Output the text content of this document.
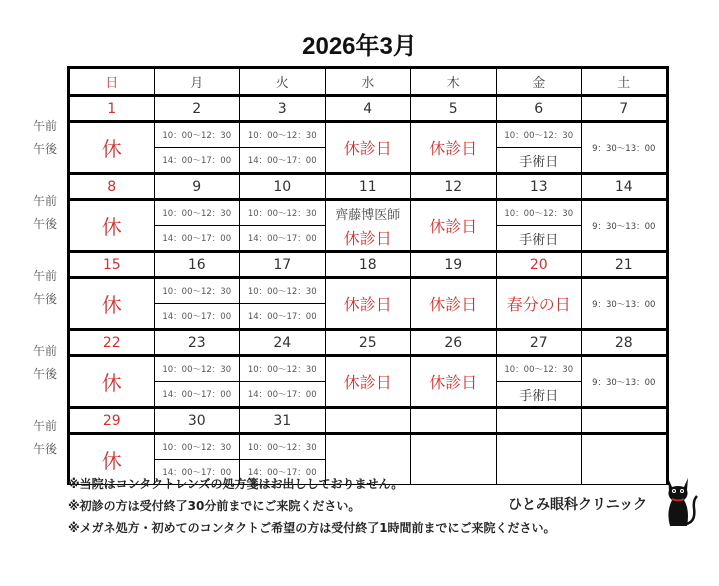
2026年3月
日	月	火	水	木	金	土
1	2	3	4	5	6	7
休	10：00～12：30	10：00～12：30	休診日	休診日	10：00～12：30	9：30～13：00
	14：00～17：00	14：00～17：00			手術日	
8	9	10	11	12	13	14
休	10：00～12：30	10：00～12：30	齊藤博医師	休診日	10：00～12：30	9：30～13：00
	14：00～17：00	14：00～17：00	休診日		手術日	
15	16	17	18	19	20	21
休	10：00～12：30	10：00～12：30	休診日	休診日	春分の日	9：30～13：00
	14：00～17：00	14：00～17：00				
22	23	24	25	26	27	28
休	10：00～12：30	10：00～12：30	休診日	休診日	10：00～12：30	9：30～13：00
	14：00～17：00	14：00～17：00			手術日	
29	30	31				
休	10：00～12：30	10：00～12：30				
	14：00～17：00	14：00～17：00				
午前
午後
午前
午後
午前
午後
午前
午後
午前
午後
※当院はコンタクトレンズの処方箋はお出ししておりません。
※初診の方は受付終了30分前までにご来院ください。
※メガネ処方・初めてのコンタクトご希望の方は受付終了1時間前までにご来院ください。
ひとみ眼科クリニック
